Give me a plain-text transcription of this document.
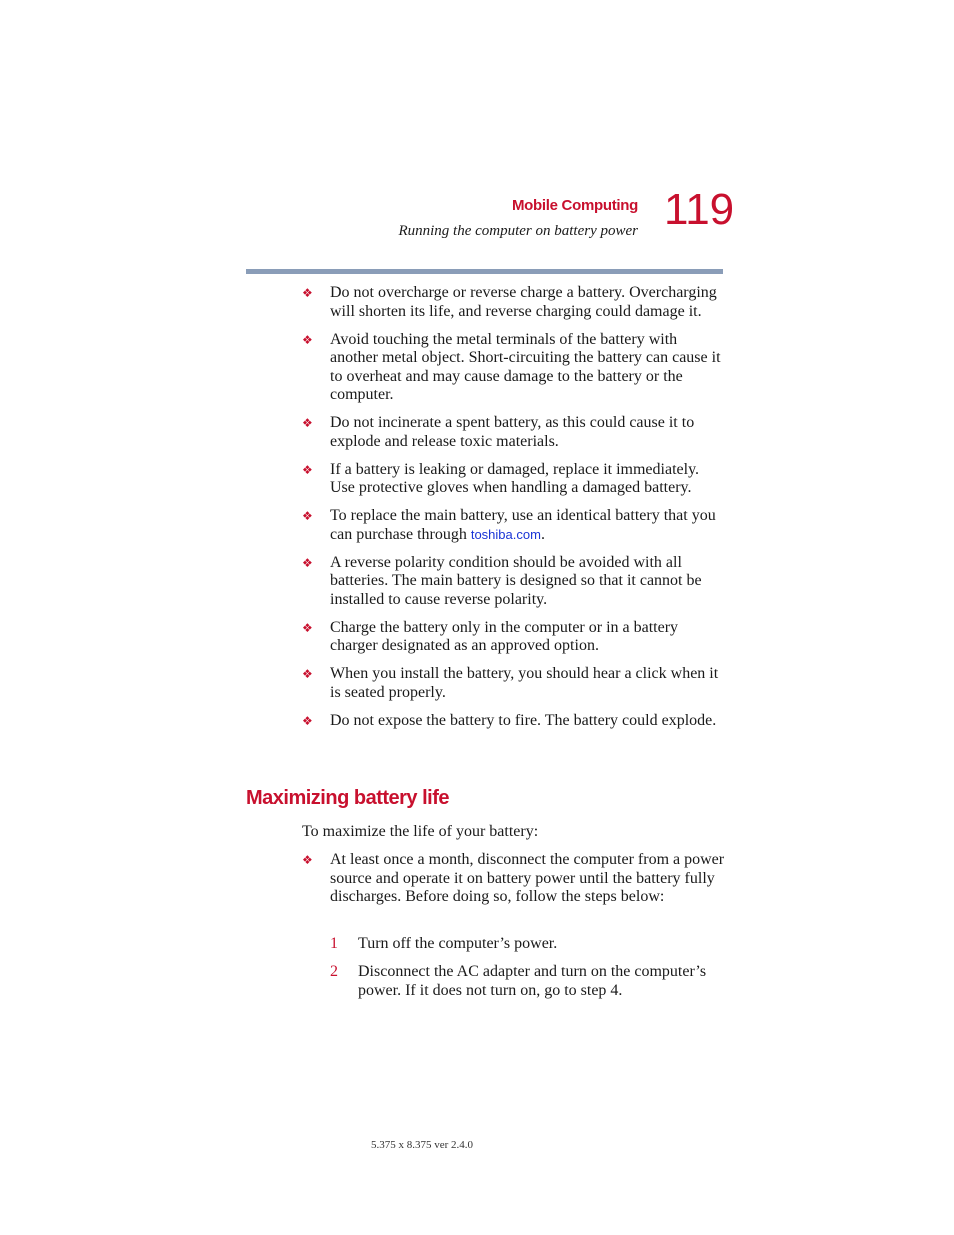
Mobile Computing
Running the computer on battery power 119
❖ Do not overcharge or reverse charge a battery. Overcharging will shorten its life, and reverse charging could damage it.
❖ Avoid touching the metal terminals of the battery with another metal object. Short-circuiting the battery can cause it to overheat and may cause damage to the battery or the computer.
❖ Do not incinerate a spent battery, as this could cause it to explode and release toxic materials.
❖ If a battery is leaking or damaged, replace it immediately. Use protective gloves when handling a damaged battery.
❖ To replace the main battery, use an identical battery that you can purchase through toshiba.com.
❖ A reverse polarity condition should be avoided with all batteries. The main battery is designed so that it cannot be installed to cause reverse polarity.
❖ Charge the battery only in the computer or in a battery charger designated as an approved option.
❖ When you install the battery, you should hear a click when it is seated properly.
❖ Do not expose the battery to fire. The battery could explode.
Maximizing battery life
To maximize the life of your battery:
❖ At least once a month, disconnect the computer from a power source and operate it on battery power until the battery fully discharges. Before doing so, follow the steps below:
1 Turn off the computer’s power.
2 Disconnect the AC adapter and turn on the computer’s power. If it does not turn on, go to step 4.
5.375 x 8.375 ver 2.4.0
